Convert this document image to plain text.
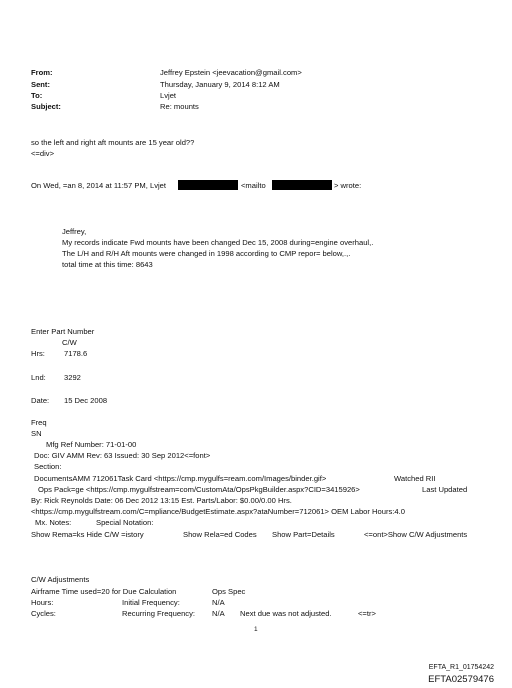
From:	Jeffrey Epstein <jeevacation@gmail.com>
Sent:	Thursday, January 9, 2014 8:12 AM
To:	Lvjet
Subject:	Re: mounts
so the left and right aft mounts are 15 year old??
<=div>
On Wed, =an 8, 2014 at 11:57 PM, Lvjet	<mailto	> wrote:
Jeffrey,
My records indicate Fwd mounts have been changed Dec 15, 2008 during=engine overhaul,.
The L/H and R/H Aft mounts were changed in 1998 according to CMP repor= below,.,.
total time at this time: 8643
Enter Part Number
C/W
Hrs:	7178.6
Lnd: 3292
Date: 15 Dec 2008
Freq
SN
Mfg Ref Number: 71-01-00
Doc: GIV AMM Rev: 63 Issued: 30 Sep 2012<=font>
Section:
DocumentsAMM 712061Task Card <https://cmp.mygulfs=ream.com/Images/binder.gif>	Watched RII
Ops Pack=ge <https://cmp.mygulfstream=com/CustomAta/OpsPkgBuilder.aspx?CID=3415926>	Last Updated
By: Rick Reynolds Date: 06 Dec 2012 13:15 Est. Parts/Labor: $0.00/0.00 Hrs.
<https://cmp.mygulfstream.com/C=mpliance/BudgetEstimate.aspx?ataNumber=712061> OEM Labor Hours:4.0
Mx. Notes:	Special Notation:
Show Rema=ks Hide C/W =istory	Show Rela=ed Codes Show Part=Details	<=ont>Show C/W Adjustments
C/W Adjustments
Airframe Time used=20 for Due Calculation	Ops Spec
Hours:	Initial Frequency:	N/A
Cycles:	Recurring Frequency: N/A Next due was not adjusted.	<=tr>
1
EFTA_R1_01754242
EFTA02579476
